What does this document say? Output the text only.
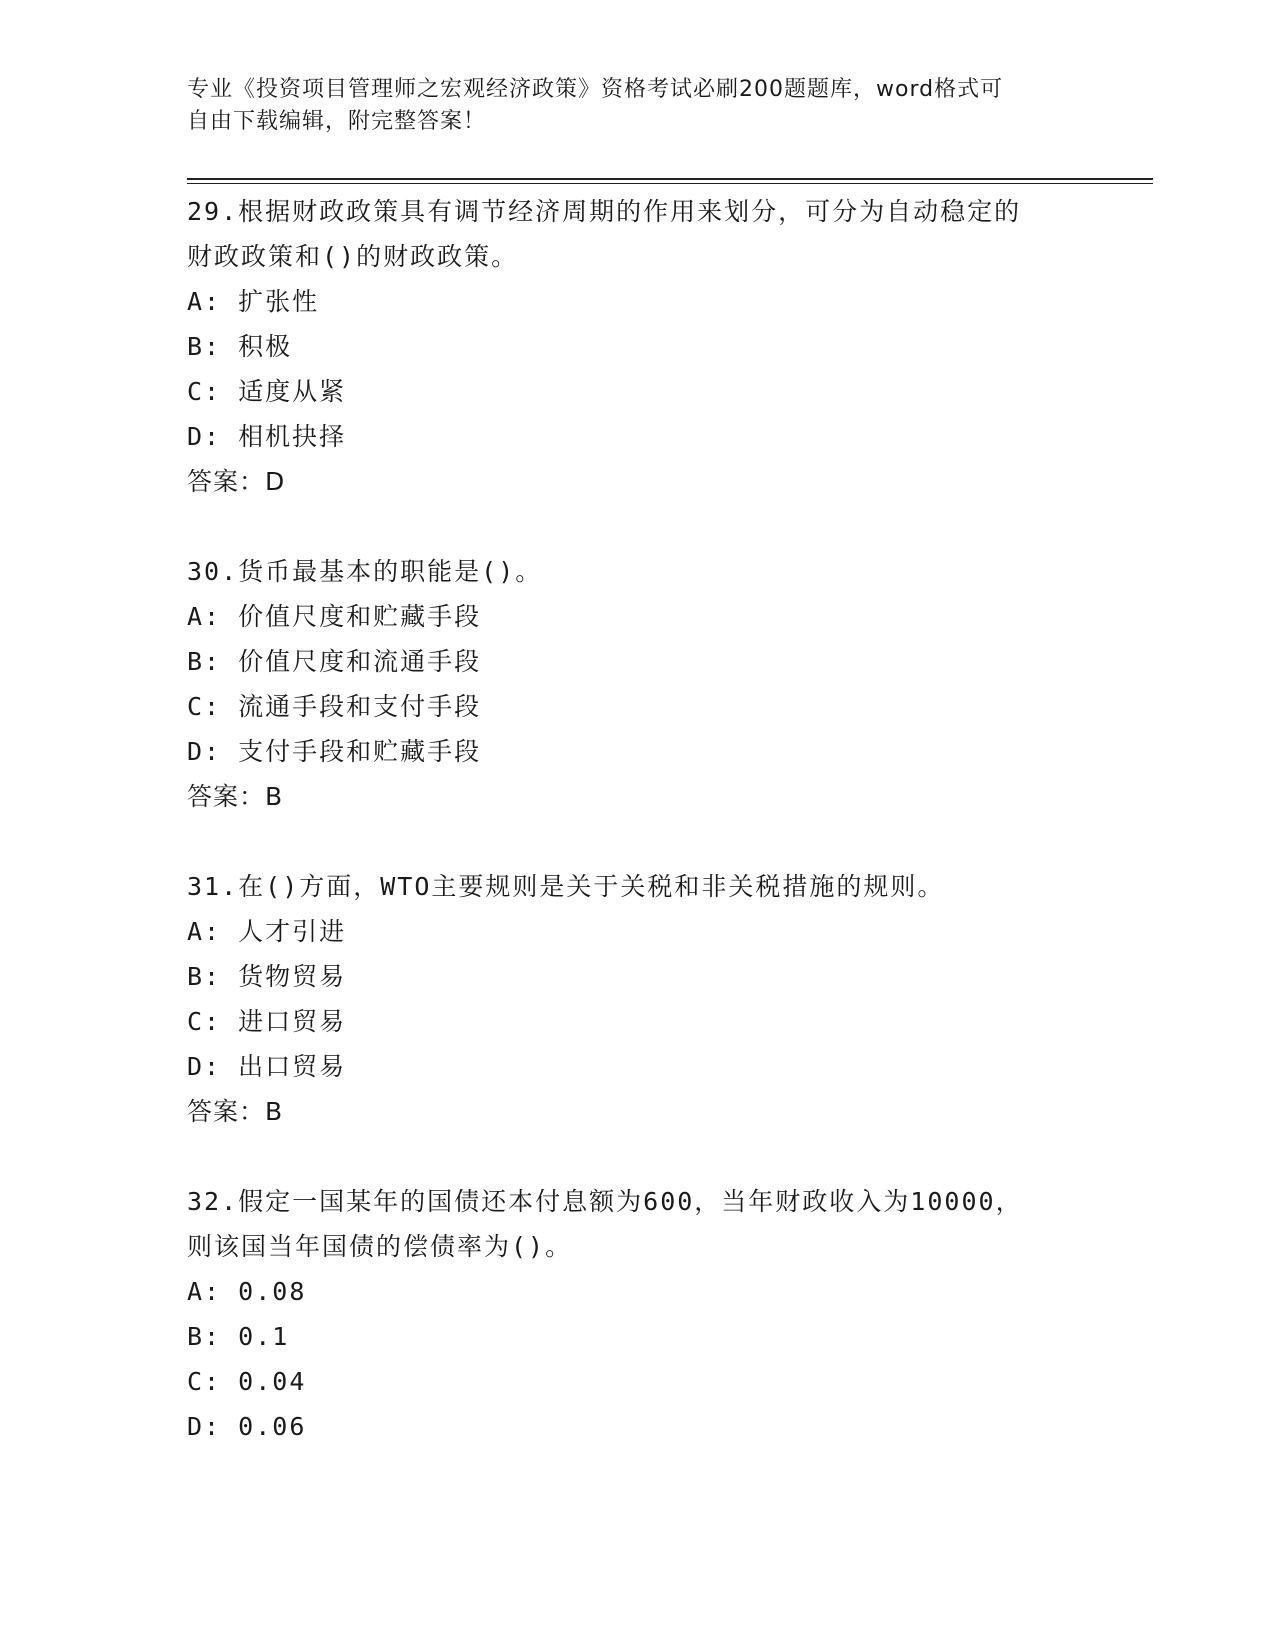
专业《投资项目管理师之宏观经济政策》资格考试必刷200题题库，word格式可
自由下载编辑，附完整答案！
29.根据财政政策具有调节经济周期的作用来划分，可分为自动稳定的
财政政策和()的财政政策。
A: 扩张性
B: 积极
C: 适度从紧
D: 相机抉择
答案：D
30.货币最基本的职能是()。
A: 价值尺度和贮藏手段
B: 价值尺度和流通手段
C: 流通手段和支付手段
D: 支付手段和贮藏手段
答案：B
31.在()方面，WTO主要规则是关于关税和非关税措施的规则。
A: 人才引进
B: 货物贸易
C: 进口贸易
D: 出口贸易
答案：B
32.假定一国某年的国债还本付息额为600，当年财政收入为10000，
则该国当年国债的偿债率为()。
A: 0.08
B: 0.1
C: 0.04
D: 0.06
